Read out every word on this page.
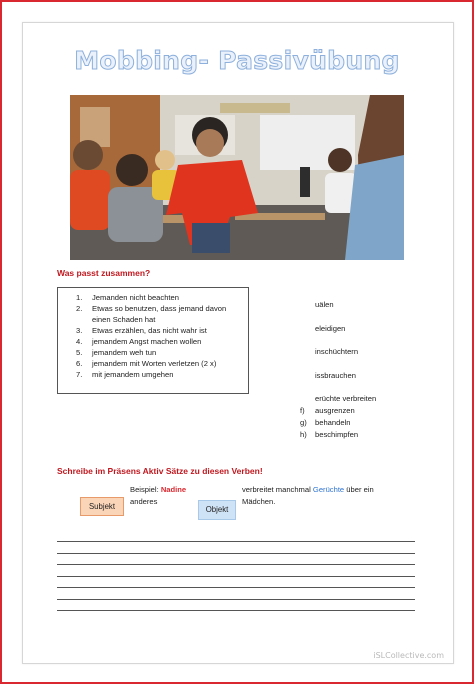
Mobbing- Passivübung
Was passt zusammen?
1. Jemanden nicht beachten
2. Etwas so benutzen, dass jemand davon
einen Schaden hat
3. Etwas erzählen, das nicht wahr ist
4. jemandem Angst machen wollen
5. jemandem weh tun
6. jemandem mit Worten verletzen (2 x)
7. mit jemandem umgehen
uälen
eleidigen
inschüchtern
issbrauchen
erüchte verbreiten
f) ausgrenzen
g) behandeln
h) beschimpfen
Schreibe im Präsens Aktiv Sätze zu diesen Verben!
Beispiel: Nadine
anderes
verbreitet manchmal Gerüchte über ein
Mädchen.
Subjekt	Objekt
iSLCollective.com
